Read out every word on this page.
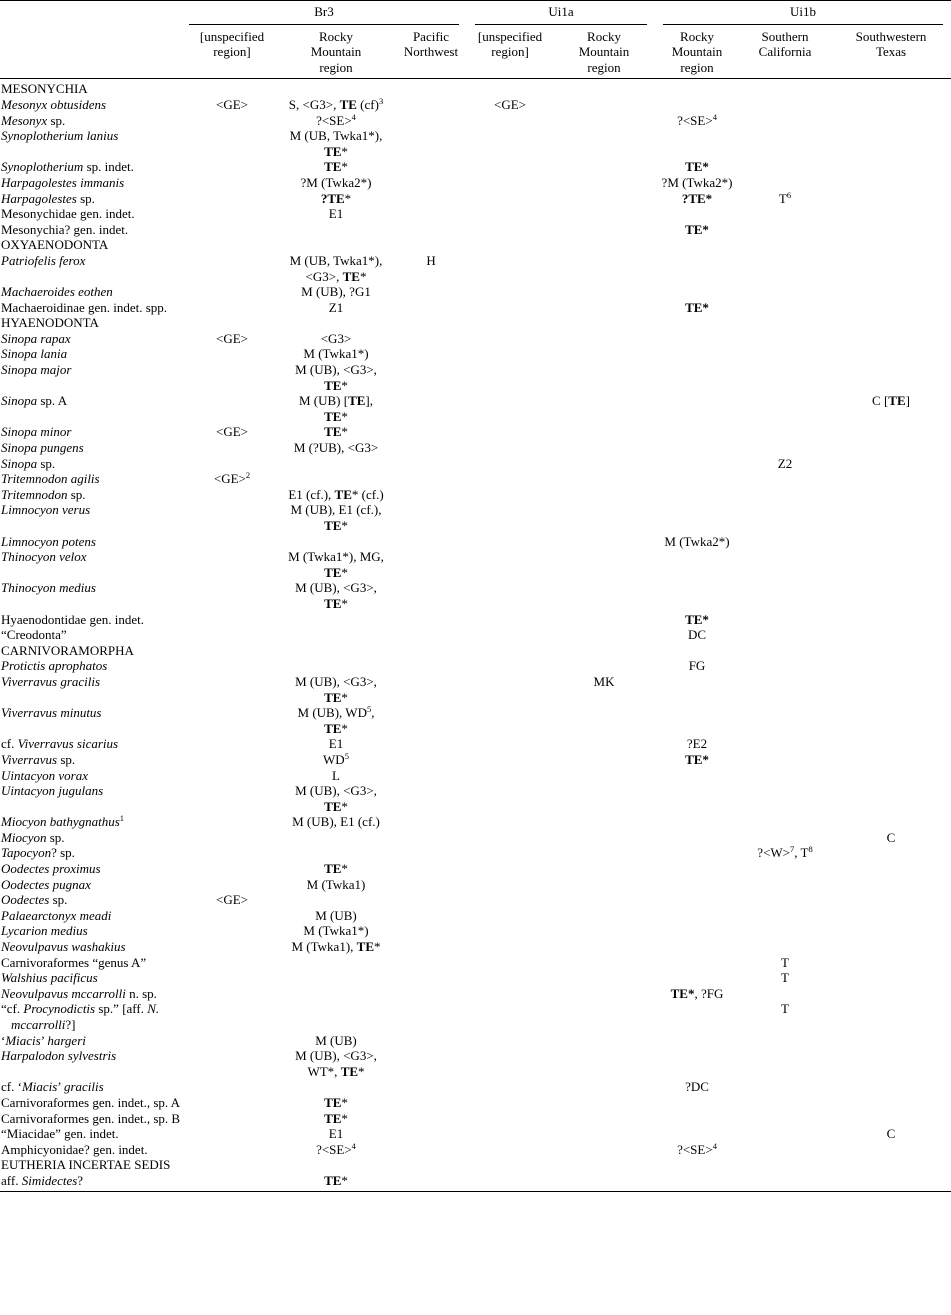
	Br3			Ui1a		Ui1b		

	[unspecified region]	Rocky Mountain region	Pacific Northwest	[unspecified region]	Rocky Mountain region	Rocky Mountain region	Southern California	Southwestern Texas

MESONYCHIA								
Mesonyx obtusidens	<GE>	S, <G3>, TE (cf)$^3$		<GE>				
Mesonyx sp.		?<SE>$^4$				?<SE>$^4$		
Synoplotherium lanius		M (UB, Twka1*), TE*						
Synoplotherium sp. indet.		TE*				TE*		
Harpagolestes immanis		?M (Twka2*)				?M (Twka2*)		
Harpagolestes sp.		?TE*				?TE*	$T^6$	
Mesonychidae gen. indet.		E1						
Mesonychia? gen. indet.						TE*		
OXYAENODONTA								
Patriofelis ferox		M (UB, Twka1*), <G3>, TE*	H					
Machaeroides eothen		M (UB), ?G1						
Machaeroidinae gen. indet. spp.		Z1				TE*		
HYAENODONTA								
Sinopa rapax	<GE>	<G3>						
Sinopa lania		M (Twka1*)						
Sinopa major		M (UB), <G3>, TE*						
Sinopa sp. A		M (UB) [TE], TE*						C [TE]
Sinopa minor	<GE>	TE*						
Sinopa pungens		M (?UB), <G3>						
Sinopa sp.							Z2	
Tritemnodon agilis	<GE>$^2$							
Tritemnodon sp.		E1 (cf.), TE* (cf.)						
Limnocyon verus		M (UB), E1 (cf.), TE*						
Limnocyon potens						M (Twka2*)		
Thinocyon velox		M (Twka1*), MG, TE*						
Thinocyon medius		M (UB), <G3>, TE*						
Hyaenodontidae gen. indet.						TE*		
“Creodonta”						DC		
CARNIVORAMORPHA								
Protictis aprophatos						FG		
Viverravus gracilis		M (UB), <G3>, TE*			MK			
Viverravus minutus		M (UB), $WD^5$, TE*						
cf. Viverravus sicarius		E1				?E2		
Viverravus sp.		$WD^5$				TE*		
Uintacyon vorax		L						
Uintacyon jugulans		M (UB), <G3>, TE*						
Miocyon bathygnathus$^1$		M (UB), E1 (cf.)						
Miocyon sp.								C
Tapocyon? sp.							?<W>$^7$, $T^8$	
Oodectes proximus		TE*						
Oodectes pugnax		M (Twka1)						
Oodectes sp.	<GE>							
Palaearctonyx meadi		M (UB)						
Lycarion medius		M (Twka1*)						
Neovulpavus washakius		M (Twka1), TE*						
Carnivoraformes “genus A”							T	
Walshius pacificus							T	
Neovulpavus mccarrolli n. sp.						TE*, ?FG		
“cf. Procynodictis sp.” [aff. N. mccarrolli?]							T	
‘Miacis’ hargeri		M (UB)						
Harpalodon sylvestris		M (UB), <G3>, WT*, TE*						
cf. ‘Miacis’ gracilis						?DC		
Carnivoraformes gen. indet., sp. A		TE*						
Carnivoraformes gen. indet., sp. B		TE*						
“Miacidae” gen. indet.		E1						C
Amphicyonidae? gen. indet.		?<SE>$^4$				?<SE>$^4$		
EUTHERIA INCERTAE SEDIS								
aff. Simidectes?		TE*						
